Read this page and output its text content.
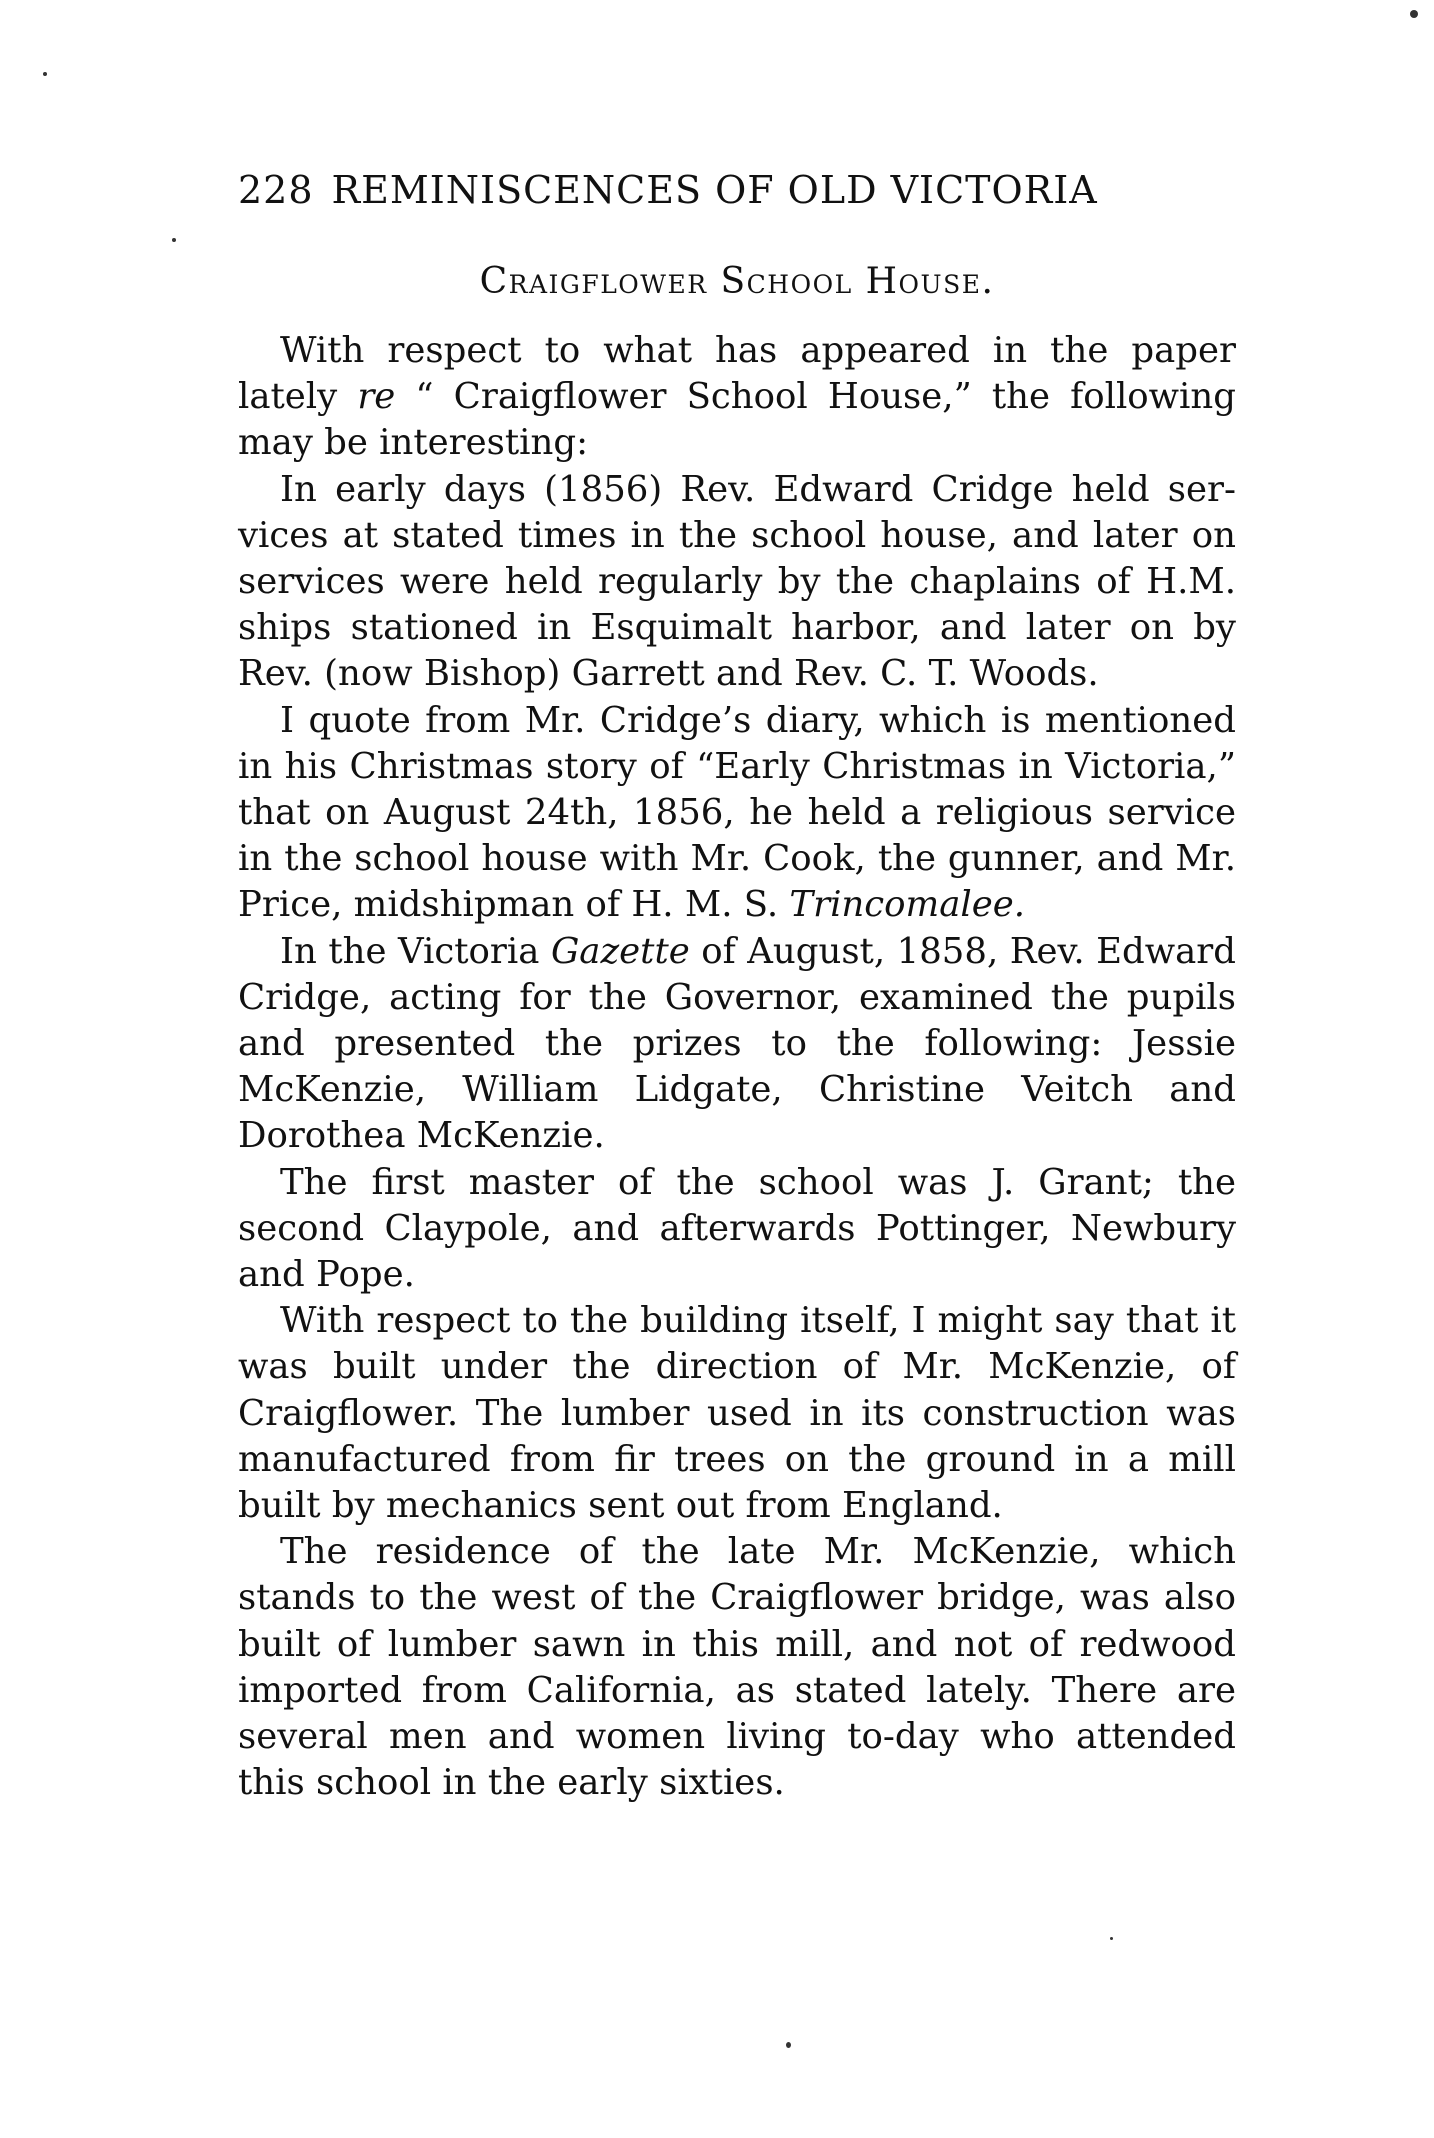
228 REMINISCENCES OF OLD VICTORIA
Craigflower School House.

With respect to what has appeared in the paper lately re “ Craigflower School House,” the following may be interesting:

In early days (1856) Rev. Edward Cridge held services at stated times in the school house, and later on services were held regularly by the chaplains of H.M. ships stationed in Esquimalt harbor, and later on by Rev. (now Bishop) Garrett and Rev. C. T. Woods.

I quote from Mr. Cridge’s diary, which is mentioned in his Christmas story of “Early Christmas in Victoria,” that on August 24th, 1856, he held a religious service in the school house with Mr. Cook, the gunner, and Mr. Price, midshipman of H. M. S. Trincomalee.

In the Victoria Gazette of August, 1858, Rev. Edward Cridge, acting for the Governor, examined the pupils and presented the prizes to the following: Jessie McKenzie, William Lidgate, Christine Veitch and Dorothea McKenzie.

The first master of the school was J. Grant; the second Claypole, and afterwards Pottinger, Newbury and Pope.

With respect to the building itself, I might say that it was built under the direction of Mr. McKenzie, of Craigflower. The lumber used in its construction was manufactured from fir trees on the ground in a mill built by mechanics sent out from England.

The residence of the late Mr. McKenzie, which stands to the west of the Craigflower bridge, was also built of lumber sawn in this mill, and not of redwood imported from California, as stated lately. There are several men and women living to-day who attended this school in the early sixties.
